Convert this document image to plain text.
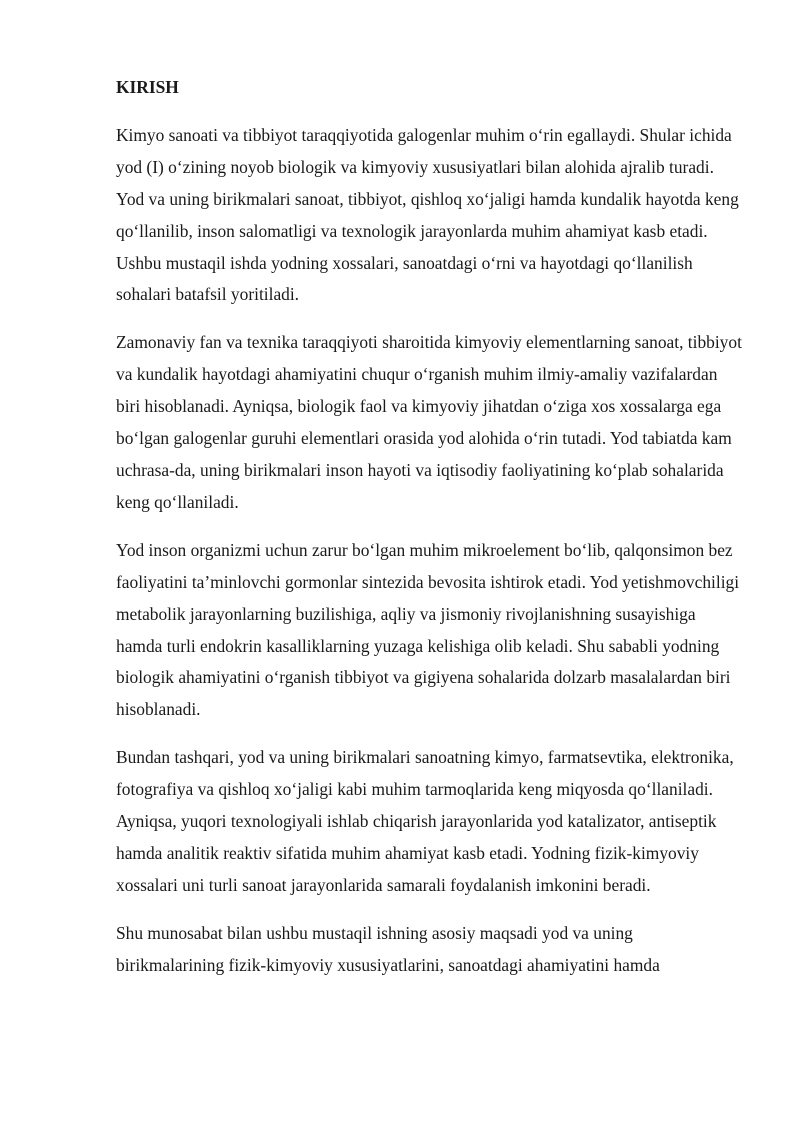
KIRISH

Kimyo sanoati va tibbiyot taraqqiyotida galogenlar muhim o‘rin egallaydi. Shular ichida yod (I) o‘zining noyob biologik va kimyoviy xususiyatlari bilan alohida ajralib turadi. Yod va uning birikmalari sanoat, tibbiyot, qishloq xo‘jaligi hamda kundalik hayotda keng qo‘llanilib, inson salomatligi va texnologik jarayonlarda muhim ahamiyat kasb etadi. Ushbu mustaqil ishda yodning xossalari, sanoatdagi o‘rni va hayotdagi qo‘llanilish sohalari batafsil yoritiladi.

Zamonaviy fan va texnika taraqqiyoti sharoitida kimyoviy elementlarning sanoat, tibbiyot va kundalik hayotdagi ahamiyatini chuqur o‘rganish muhim ilmiy-amaliy vazifalardan biri hisoblanadi. Ayniqsa, biologik faol va kimyoviy jihatdan o‘ziga xos xossalarga ega bo‘lgan galogenlar guruhi elementlari orasida yod alohida o‘rin tutadi. Yod tabiatda kam uchrasa-da, uning birikmalari inson hayoti va iqtisodiy faoliyatining ko‘plab sohalarida keng qo‘llaniladi.

Yod inson organizmi uchun zarur bo‘lgan muhim mikroelement bo‘lib, qalqonsimon bez faoliyatini ta’minlovchi gormonlar sintezida bevosita ishtirok etadi. Yod yetishmovchiligi metabolik jarayonlarning buzilishiga, aqliy va jismoniy rivojlanishning susayishiga hamda turli endokrin kasalliklarning yuzaga kelishiga olib keladi. Shu sababli yodning biologik ahamiyatini o‘rganish tibbiyot va gigiyena sohalarida dolzarb masalalardan biri hisoblanadi.

Bundan tashqari, yod va uning birikmalari sanoatning kimyo, farmatsevtika, elektronika, fotografiya va qishloq xo‘jaligi kabi muhim tarmoqlarida keng miqyosda qo‘llaniladi. Ayniqsa, yuqori texnologiyali ishlab chiqarish jarayonlarida yod katalizator, antiseptik hamda analitik reaktiv sifatida muhim ahamiyat kasb etadi. Yodning fizik-kimyoviy xossalari uni turli sanoat jarayonlarida samarali foydalanish imkonini beradi.

Shu munosabat bilan ushbu mustaqil ishning asosiy maqsadi yod va uning birikmalarining fizik-kimyoviy xususiyatlarini, sanoatdagi ahamiyatini hamda
